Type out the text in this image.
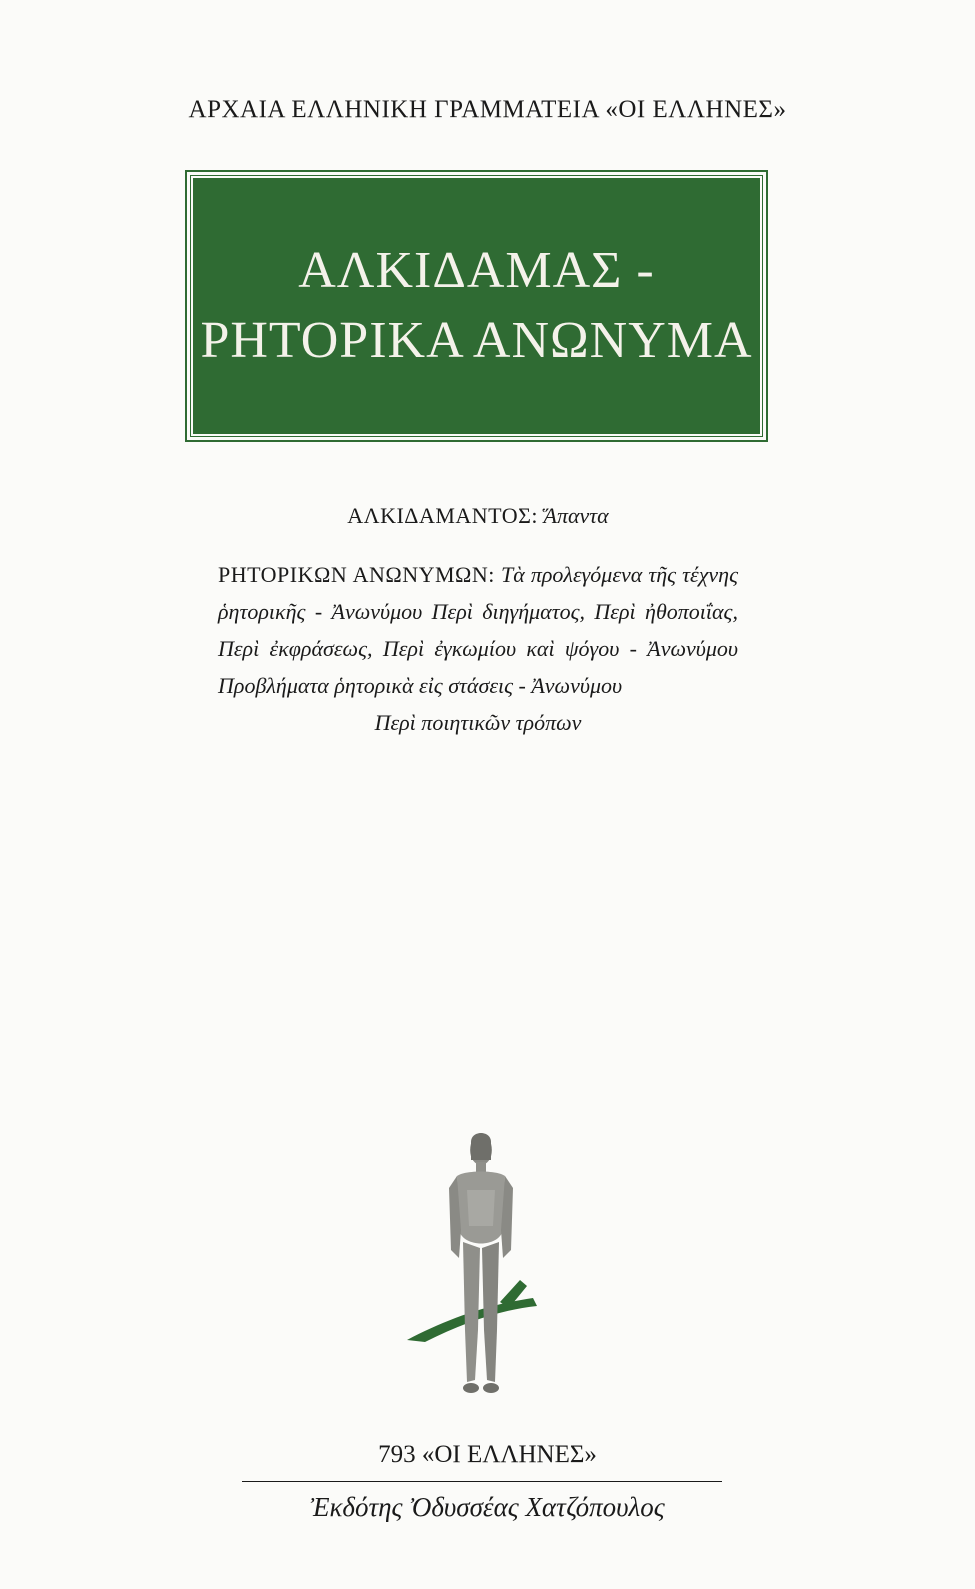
ΑΡΧΑΙΑ ΕΛΛΗΝΙΚΗ ΓΡΑΜΜΑΤΕΙΑ «ΟΙ ΕΛΛΗΝΕΣ»
ΑΛΚΙΔΑΜΑΣ -
ΡΗΤΟΡΙΚΑ ΑΝΩΝΥΜΑ
ΑΛΚΙΔΑΜΑΝΤΟΣ: Ἅπαντα
ΡΗΤΟΡΙΚΩΝ ΑΝΩΝΥΜΩΝ: Τὰ προλεγόμενα τῆς τέχνης ῥητορικῆς - Ἀνωνύμου Περὶ διηγήματος, Περὶ ἠθοποιΐας, Περὶ ἐκφράσεως, Περὶ ἐγκωμίου καὶ ψόγου - Ἀνωνύμου Προβλήματα ῥητορικὰ εἰς στάσεις - Ἀνωνύμου
Περὶ ποιητικῶν τρόπων
793 «ΟΙ ΕΛΛΗΝΕΣ»
Ἐκδότης Ὀδυσσέας Χατζόπουλος
